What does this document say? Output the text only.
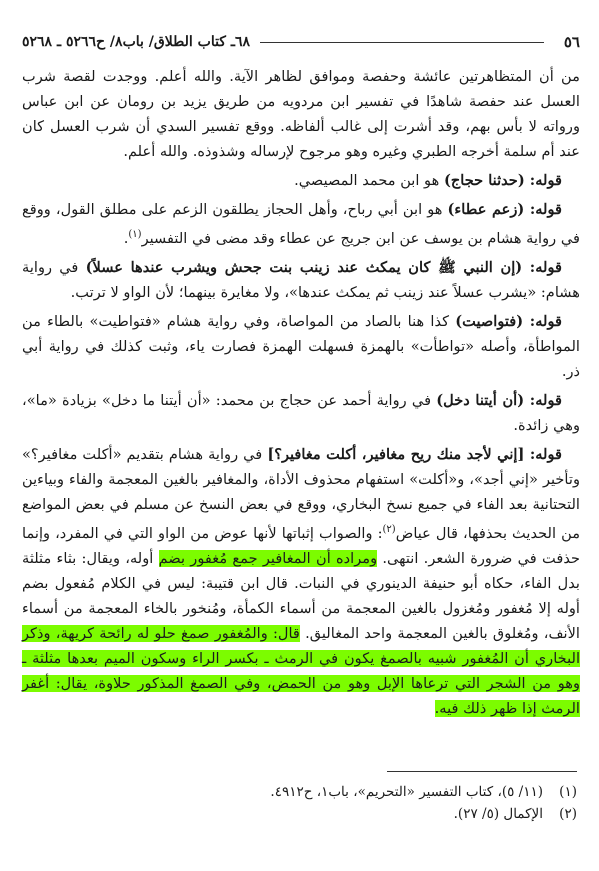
٥٦
٦٨ـ كتاب الطلاق/ باب٨/ ح٥٢٦٦ ـ ٥٢٦٨

من أن المتظاهرتين عائشة وحفصة وموافق لظاهر الآية. والله أعلم. ووجدت لقصة شرب العسل عند حفصة شاهدًا في تفسير ابن مردويه من طريق يزيد بن رومان عن ابن عباس ورواته لا بأس بهم، وقد أشرت إلى غالب ألفاظه. ووقع تفسير السدي أن شرب العسل كان عند أم سلمة أخرجه الطبري وغيره وهو مرجوح لإرساله وشذوذه. والله أعلم.

قوله: (حدثنا حجاج) هو ابن محمد المصيصي.

قوله: (زعم عطاء) هو ابن أبي رباح، وأهل الحجاز يطلقون الزعم على مطلق القول، ووقع في رواية هشام بن يوسف عن ابن جريج عن عطاء وقد مضى في التفسير$^{(١)}$.

قوله: (إن النبي ﷺ كان يمكث عند زينب بنت جحش ويشرب عندها عسلاً) في رواية هشام: «يشرب عسلاً عند زينب ثم يمكث عندها»، ولا مغايرة بينهما؛ لأن الواو لا ترتب.

قوله: (فتواصيت) كذا هنا بالصاد من المواصاة، وفي رواية هشام «فتواطيت» بالطاء من المواطأة، وأصله «تواطأت» بالهمزة فسهلت الهمزة فصارت ياء، وثبت كذلك في رواية أبي ذر.

قوله: (أن أيتنا دخل) في رواية أحمد عن حجاج بن محمد: «أن أيتنا ما دخل» بزيادة «ما»، وهي زائدة.

قوله: [إني لأجد منك ريح مغافير، أكلت مغافير؟] في رواية هشام بتقديم «أكلت مغافير؟» وتأخير «إني أجد»، و«أكلت» استفهام محذوف الأداة، والمغافير بالغين المعجمة والفاء وبياءين التحتانية بعد الفاء في جميع نسخ البخاري، ووقع في بعض النسخ عن مسلم في بعض المواضع من الحديث بحذفها، قال عياض$^{(٢)}$: والصواب إثباتها لأنها عوض من الواو التي في المفرد، وإنما حذفت في ضرورة الشعر. انتهى. ومراده أن المغافير جمع مُغفور بضم أوله، ويقال: بثاء مثلثة بدل الفاء، حكاه أبو حنيفة الدينوري في النبات. قال ابن قتيبة: ليس في الكلام مُفعول بضم أوله إلا مُغفور ومُغزول بالغين المعجمة من أسماء الكمأة، ومُنخور بالخاء المعجمة من أسماء الأنف، ومُغلوق بالغين المعجمة واحد المغاليق. قال: والمُغفور صمغ حلو له رائحة كريهة، وذكر البخاري أن المُغفور شبيه بالصمغ يكون في الرمث ـ بكسر الراء وسكون الميم بعدها مثلثة ـ وهو من الشجر التي ترعاها الإبل وهو من الحمض، وفي الصمغ المذكور حلاوة، يقال: أغفر الرمث إذا ظهر ذلك فيه.

(١)(١١/ ٥)، كتاب التفسير «التحريم»، باب١، ح٤٩١٢.
(٢)الإكمال (٥/ ٢٧).
